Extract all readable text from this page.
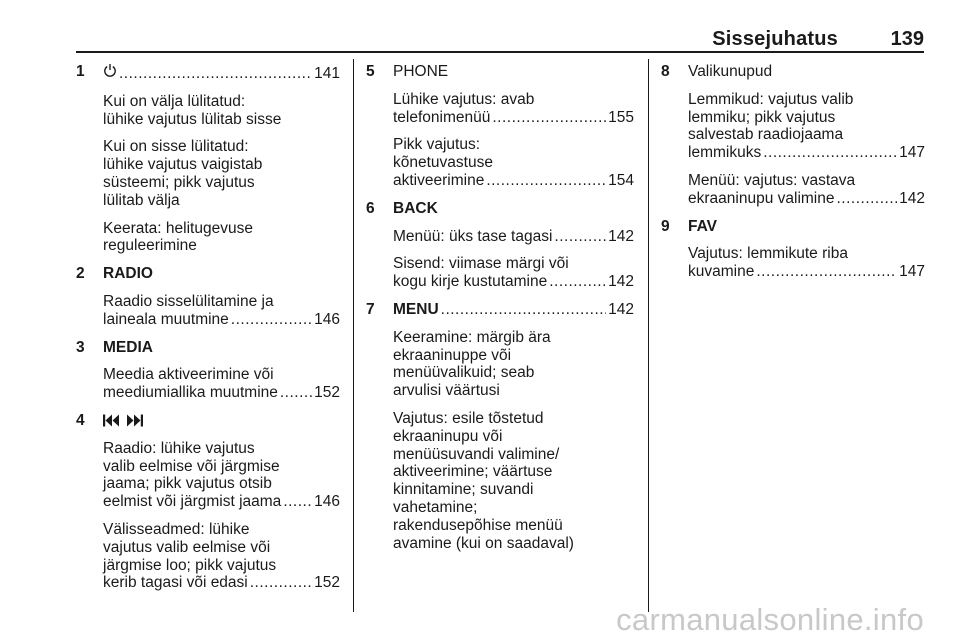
Sissejuhatus	139
1 .....	141
Kui on välja lülitatud:
lühike vajutus lülitab sisse
Kui on sisse lülitatud:
lühike vajutus vaigistab
süsteemi; pikk vajutus
lülitab välja
Keerata: helitugevuse
reguleerimine
2	RADIO
Raadio sisselülitamine ja
laineala muutmine .....	146
3	MEDIA
Meedia aktiveerimine või
meediumiallika muutmine ..... 152
4
Raadio: lühike vajutus
valib eelmise või järgmise
jaama; pikk vajutus otsib
eelmist või järgmist jaama ..... 146
Välisseadmed: lühike
vajutus valib eelmise või
järgmise loo; pikk vajutus
kerib tagasi või edasi .....	152
5	PHONE
Lühike vajutus: avab
telefonimenüü .....	155
Pikk vajutus:
kõnetuvastuse
aktiveerimine .....	154
6	BACK
Menüü: üks tase tagasi .....	142
Sisend: viimase märgi või
kogu kirje kustutamine .....	142
7	MENU .....	142
Keeramine: märgib ära
ekraaninuppe või
menüüvalikuid; seab
arvulisi väärtusi
Vajutus: esile tõstetud
ekraaninupu või
menüüsuvandi valimine/
aktiveerimine; väärtuse
kinnitamine; suvandi
vahetamine;
rakendusepõhise menüü
avamine (kui on saadaval)
8	Valikunupud
Lemmikud: vajutus valib
lemmiku; pikk vajutus
salvestab raadiojaama
lemmikuks .....	147
Menüü: vajutus: vastava
ekraaninupu valimine .....	142
9	FAV
Vajutus: lemmikute riba
kuvamine .....	147
carmanualsonline.info
